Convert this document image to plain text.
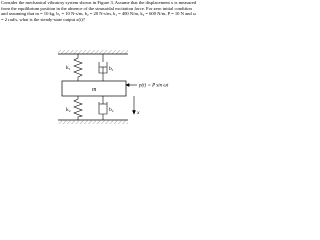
Consider the mechanical vibratory system shown in Figure 3. Assume that the displacement x is measured from the equilibrium position in the absence of the sinusoidal excitation force. For zero initial condition and assuming that m = 10 kg, b₁ = 10 N-s/m, b₂ = 20 N-s/m, k₁ = 400 N/m, k₂ = 600 N/m, P = 10 N and ω = 2 rad/s, what is the steady-state output x(t)?

k₁	b₁
m
p(t) = P sin ωt
k₂	b₂	x
